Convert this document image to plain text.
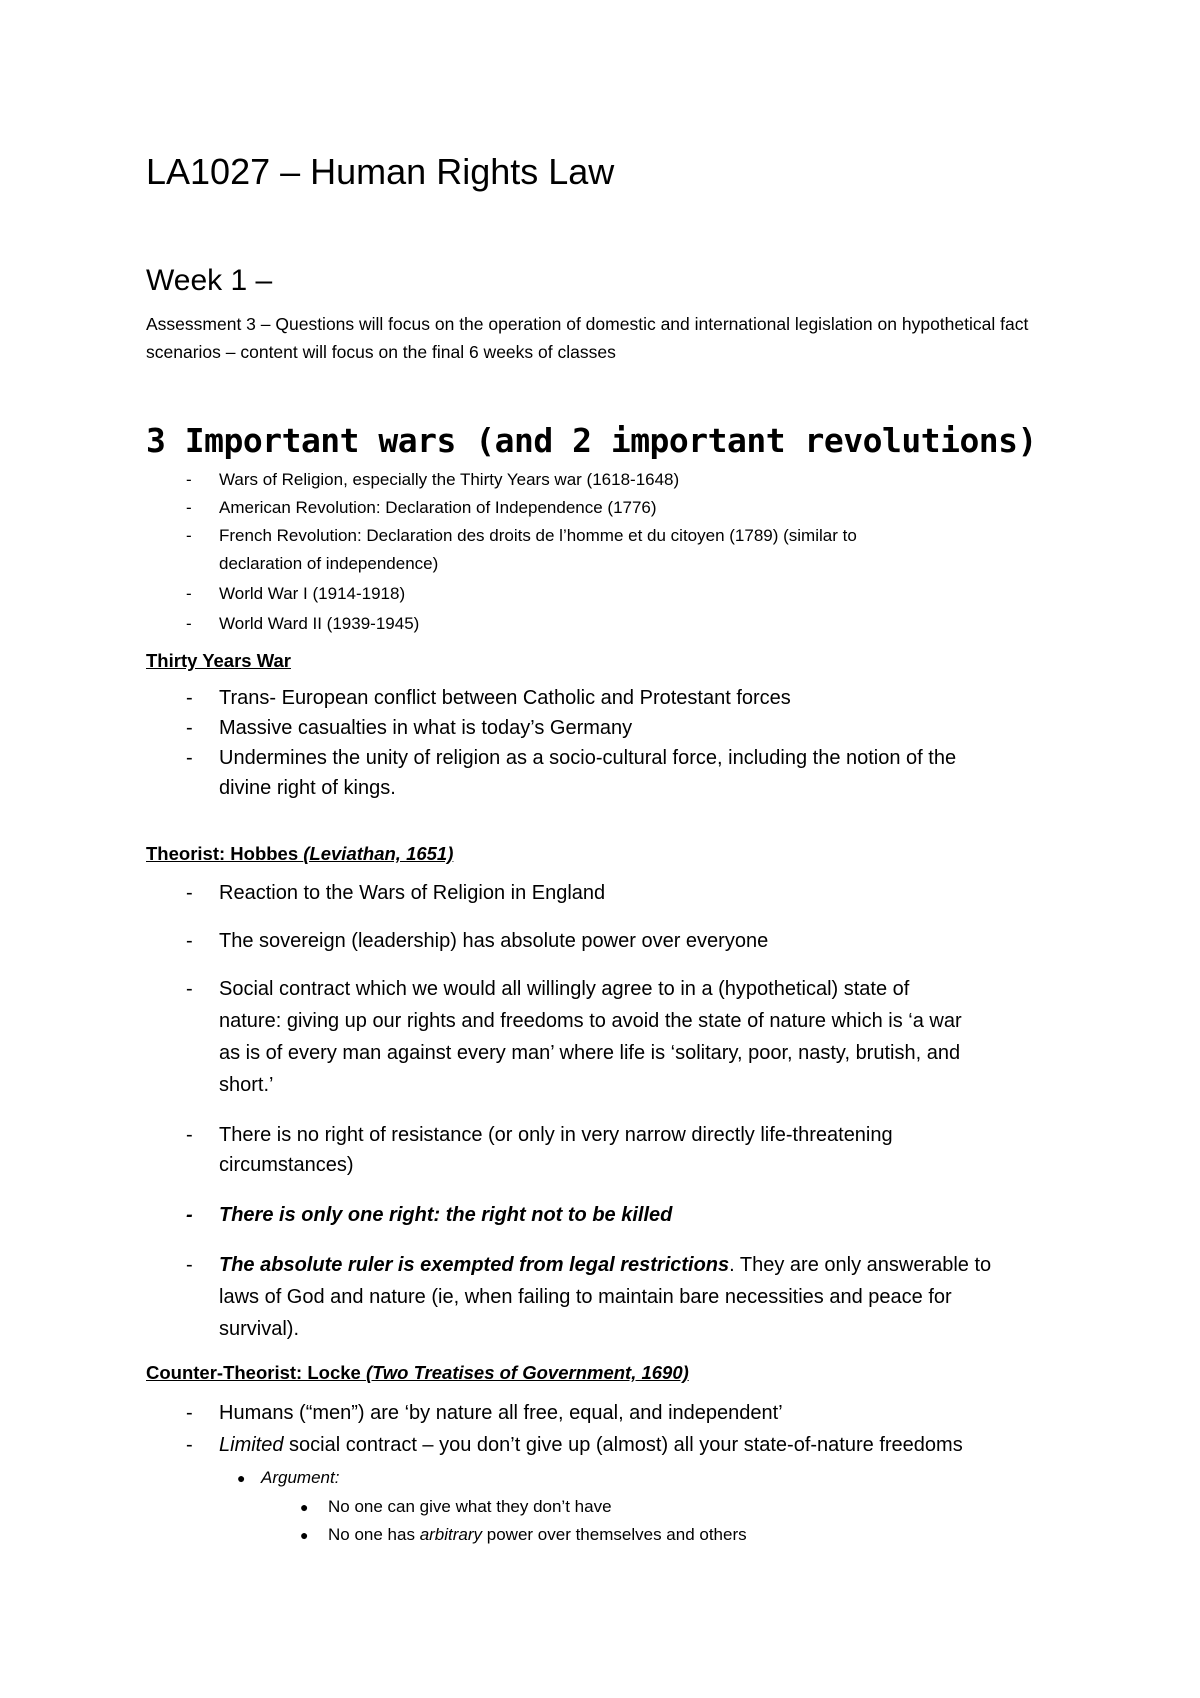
LA1027 – Human Rights Law
Week 1 –
Assessment 3 – Questions will focus on the operation of domestic and international legislation on hypothetical fact scenarios – content will focus on the final 6 weeks of classes
3 Important wars (and 2 important revolutions)
- Wars of Religion, especially the Thirty Years war (1618-1648)
- American Revolution: Declaration of Independence (1776)
- French Revolution: Declaration des droits de l’homme et du citoyen (1789) (similar to
declaration of independence)
- World War I (1914-1918)
- World Ward II (1939-1945)
Thirty Years War
- Trans- European conflict between Catholic and Protestant forces
- Massive casualties in what is today’s Germany
- Undermines the unity of religion as a socio-cultural force, including the notion of the
divine right of kings.
Theorist: Hobbes (Leviathan, 1651)
- Reaction to the Wars of Religion in England
- The sovereign (leadership) has absolute power over everyone
- Social contract which we would all willingly agree to in a (hypothetical) state of
nature: giving up our rights and freedoms to avoid the state of nature which is ‘a war
as is of every man against every man’ where life is ‘solitary, poor, nasty, brutish, and
short.’
- There is no right of resistance (or only in very narrow directly life-threatening
circumstances)
- There is only one right: the right not to be killed
- The absolute ruler is exempted from legal restrictions. They are only answerable to
laws of God and nature (ie, when failing to maintain bare necessities and peace for
survival).
Counter-Theorist: Locke (Two Treatises of Government, 1690)
- Humans (“men”) are ‘by nature all free, equal, and independent’
- Limited social contract – you don’t give up (almost) all your state-of-nature freedoms
● Argument:
● No one can give what they don’t have
● No one has arbitrary power over themselves and others
